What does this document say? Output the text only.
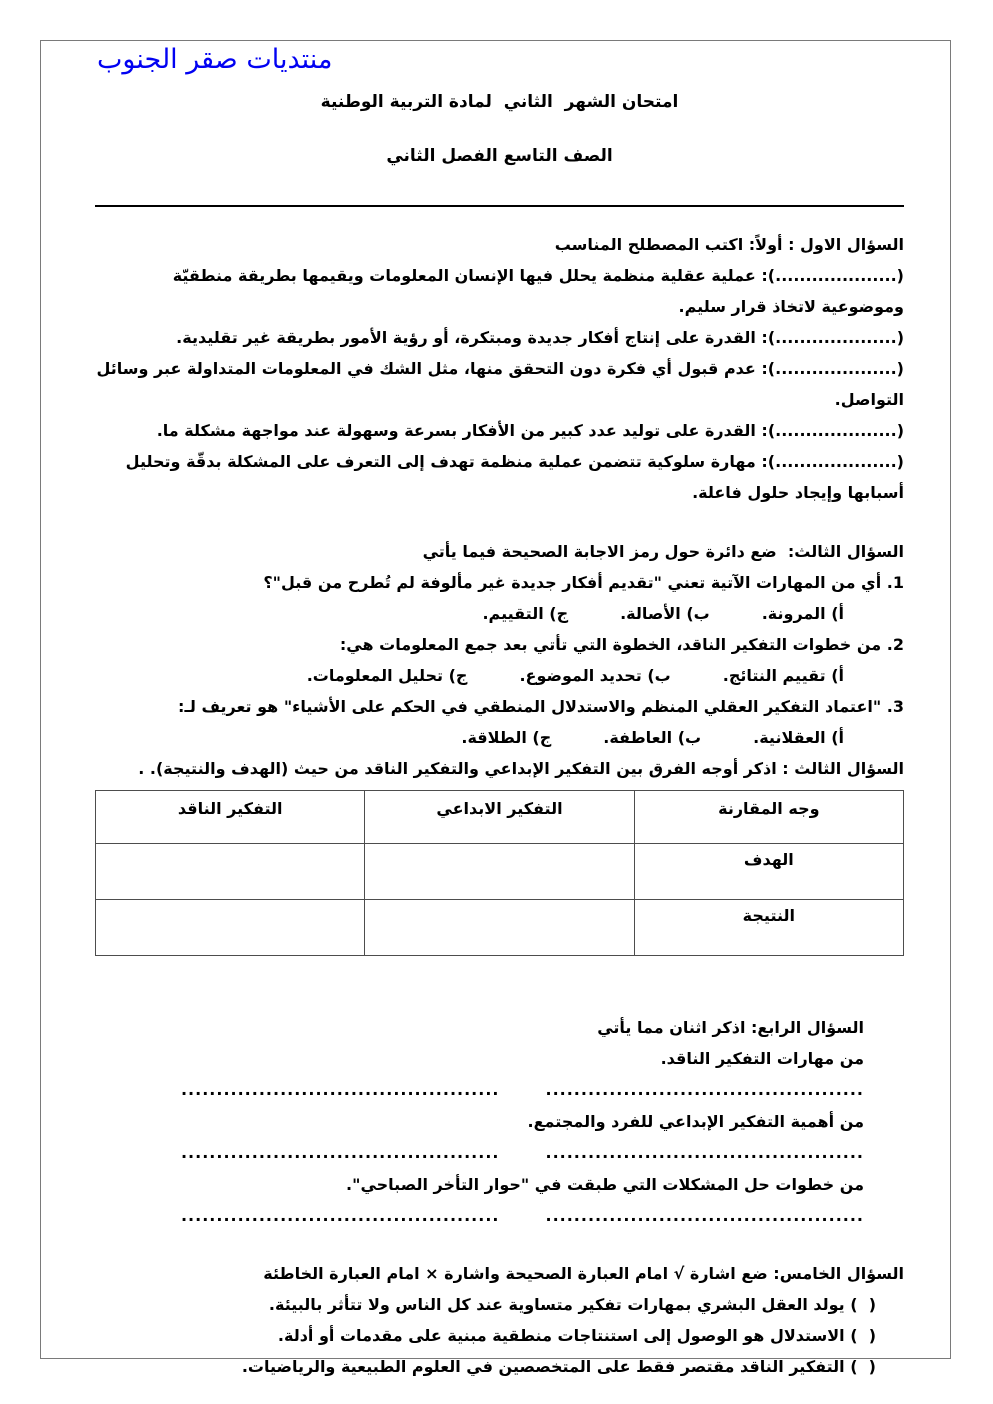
منتديات صقر الجنوب
امتحان الشهر  الثاني  لمادة التربية الوطنية
الصف التاسع الفصل الثاني
السؤال الاول : أولاً: اكتب المصطلح المناسب
(....................): عملية عقلية منظمة يحلل فيها الإنسان المعلومات ويقيمها بطريقة منطقيّة وموضوعية لاتخاذ قرار سليم.
(....................): القدرة على إنتاج أفكار جديدة ومبتكرة، أو رؤية الأمور بطريقة غير تقليدية.
(....................): عدم قبول أي فكرة دون التحقق منها، مثل الشك في المعلومات المتداولة عبر وسائل التواصل.
(....................): القدرة على توليد عدد كبير من الأفكار بسرعة وسهولة عند مواجهة مشكلة ما.
(....................): مهارة سلوكية تتضمن عملية منظمة تهدف إلى التعرف على المشكلة بدقّة وتحليل أسبابها وإيجاد حلول فاعلة.
السؤال الثالث:  ضع دائرة حول رمز الاجابة الصحيحة فيما يأتي
1. أي من المهارات الآتية تعني "تقديم أفكار جديدة غير مألوفة لم تُطرح من قبل"؟
أ) المرونة.
ب) الأصالة.
ج) التقييم.
2. من خطوات التفكير الناقد، الخطوة التي تأتي بعد جمع المعلومات هي:
أ) تقييم النتائج.
ب) تحديد الموضوع.
ج) تحليل المعلومات.
3. "اعتماد التفكير العقلي المنظم والاستدلال المنطقي في الحكم على الأشياء" هو تعريف لـ:
أ) العقلانية.
ب) العاطفة.
ج) الطلاقة.
السؤال الثالث : اذكر أوجه الفرق بين التفكير الإبداعي والتفكير الناقد من حيث (الهدف والنتيجة). .
وجه المقارنة	التفكير الابداعي	التفكير الناقد
الهدف		
النتيجة		
السؤال الرابع: اذكر اثنان مما يأتي
من مهارات التفكير الناقد.
.............................................
.............................................
من أهمية التفكير الإبداعي للفرد والمجتمع.
.............................................
.............................................
من خطوات حل المشكلات التي طبقت في "حوار التأخر الصباحي".
.............................................
.............................................
السؤال الخامس: ضع اشارة √ امام العبارة الصحيحة واشارة × امام العبارة الخاطئة
(  ) يولد العقل البشري بمهارات تفكير متساوية عند كل الناس ولا تتأثر بالبيئة.
(  ) الاستدلال هو الوصول إلى استنتاجات منطقية مبنية على مقدمات أو أدلة.
(  ) التفكير الناقد مقتصر فقط على المتخصصين في العلوم الطبيعية والرياضيات.
